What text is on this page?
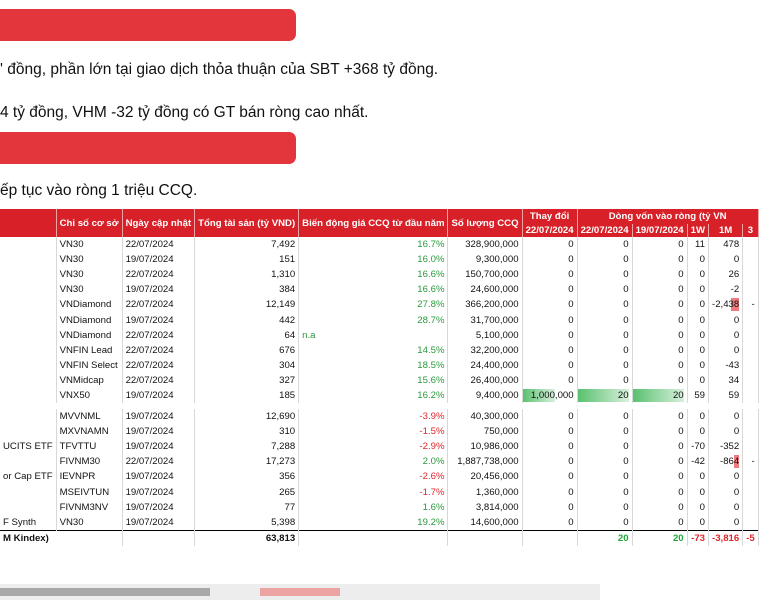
' đồng, phần lớn tại giao dịch thỏa thuận của SBT +368 tỷ đồng.
4 tỷ đồng, VHM -32 tỷ đồng có GT bán ròng cao nhất.
ếp tục vào ròng 1 triệu CCQ.
	Chỉ số cơ sở	Ngày cập nhật	Tổng tài sản (tỷ VND)	Biến động giá CCQ từ đầu năm	Số lượng CCQ	Thay đổi	Dòng vốn vào ròng (tỷ VN				
						22/07/2024	22/07/2024	19/07/2024	1W	1M	3
	VN30	22/07/2024	7,492	16.7%	328,900,000	0	0	0	11	478	
	VN30	19/07/2024	151	16.0%	9,300,000	0	0	0	0	0	
	VN30	22/07/2024	1,310	16.6%	150,700,000	0	0	0	0	26	
	VN30	19/07/2024	384	16.6%	24,600,000	0	0	0	0	-2	
	VNDiamond	22/07/2024	12,149	27.8%	366,200,000	0	0	0	0	-2,438	-
	VNDiamond	19/07/2024	442	28.7%	31,700,000	0	0	0	0	0	
	VNDiamond	22/07/2024	64	n.a	5,100,000	0	0	0	0	0	
	VNFIN Lead	22/07/2024	676	14.5%	32,200,000	0	0	0	0	0	
	VNFIN Select	22/07/2024	304	18.5%	24,400,000	0	0	0	0	-43	
	VNMidcap	22/07/2024	327	15.6%	26,400,000	0	0	0	0	34	
	VNX50	19/07/2024	185	16.2%	9,400,000	1,000,000	20	20	59	59	

	MVVNML	19/07/2024	12,690	-3.9%	40,300,000	0	0	0	0	0	
	MXVNAMN	19/07/2024	310	-1.5%	750,000	0	0	0	0	0	
UCITS ETF	TFVTTU	19/07/2024	7,288	-2.9%	10,986,000	0	0	0	-70	-352	
	FIVNM30	22/07/2024	17,273	2.0%	1,887,738,000	0	0	0	-42	-864	-
or Cap ETF	IEVNPR	19/07/2024	356	-2.6%	20,456,000	0	0	0	0	0	
	MSEIVTUN	19/07/2024	265	-1.7%	1,360,000	0	0	0	0	0	
	FIVNM3NV	19/07/2024	77	1.6%	3,814,000	0	0	0	0	0	
F Synth	VN30	19/07/2024	5,398	19.2%	14,600,000	0	0	0	0	0	
M Kindex)			63,813				20	20	-73	-3,816	-5
